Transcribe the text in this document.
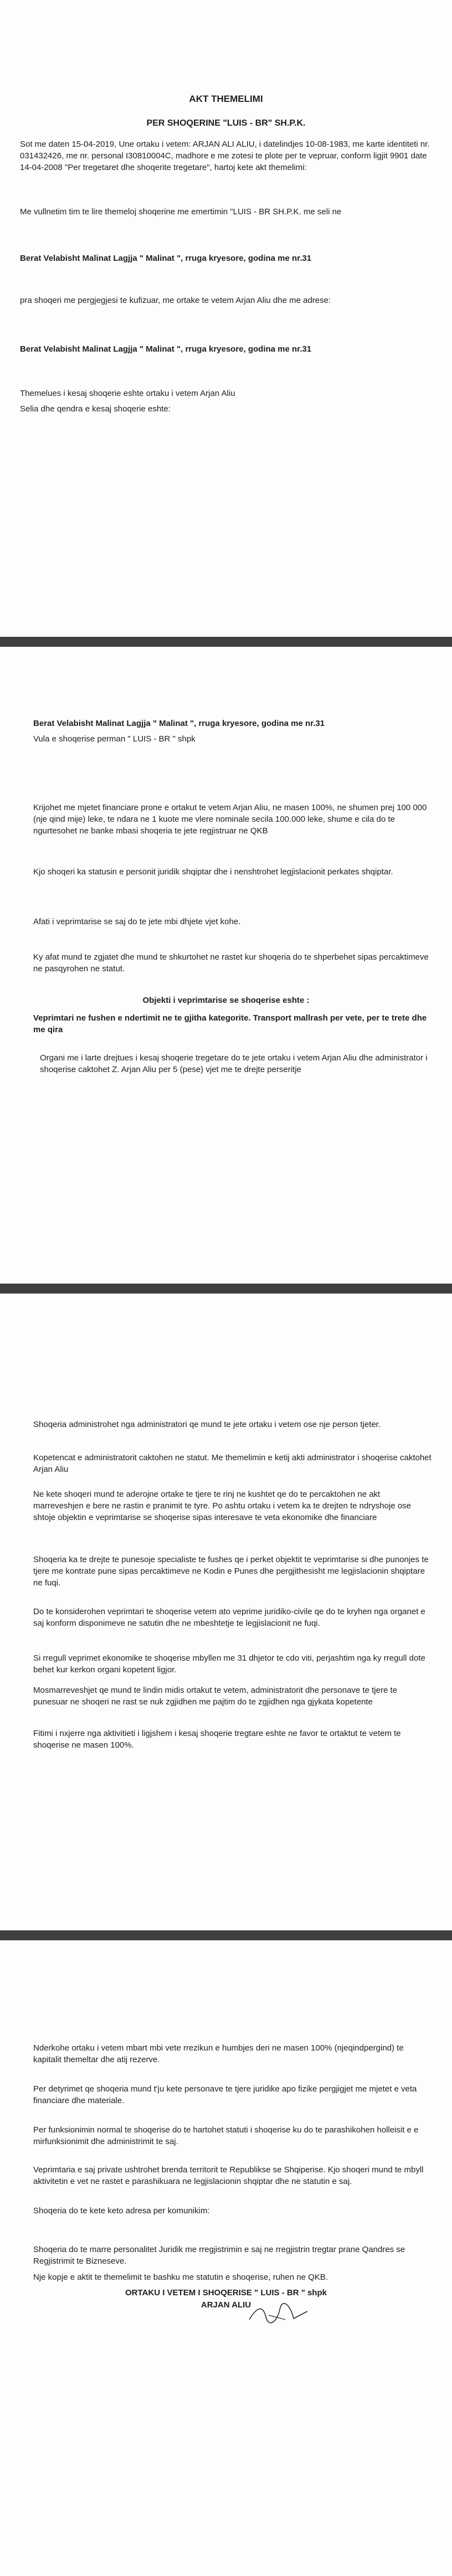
AKT THEMELIMI
PER SHOQERINE "LUIS - BR" SH.P.K.
Sot me daten 15-04-2019, Une ortaku i vetem: ARJAN ALI ALIU, i datelindjes 10-08-1983, me karte identiteti nr. 031432426, me nr. personal I30810004C, madhore e me zotesi te plote per te vepruar, conform ligjit 9901 date 14-04-2008 "Per tregetaret dhe shoqerite tregetare", hartoj kete akt themelimi:
Me vullnetim tim te lire themeloj shoqerine me emertimin "LUIS - BR SH.P.K. me seli ne
Berat Velabisht Malinat Lagjja " Malinat ", rruga kryesore, godina me nr.31
pra shoqeri me pergjegjesi te kufizuar, me ortake te vetem Arjan Aliu dhe me adrese:
Berat Velabisht Malinat Lagjja " Malinat ", rruga kryesore, godina me nr.31
Themelues i kesaj shoqerie eshte ortaku i vetem Arjan Aliu
Selia dhe qendra e kesaj shoqerie eshte:
Berat Velabisht Malinat Lagjja " Malinat ", rruga kryesore, godina me nr.31
Vula e shoqerise perman " LUIS - BR " shpk
Krijohet me mjetet financiare prone e ortakut te vetem Arjan Aliu, ne masen 100%, ne shumen prej 100 000 (nje qind mije) leke, te ndara ne 1 kuote me vlere nominale secila 100.000 leke, shume e cila do te ngurtesohet ne banke mbasi shoqeria te jete regjistruar ne QKB
Kjo shoqeri ka statusin e personit juridik shqiptar dhe i nenshtrohet legjislacionit perkates shqiptar.
Afati i veprimtarise se saj do te jete mbi dhjete vjet kohe.
Ky afat mund te zgjatet dhe mund te shkurtohet ne rastet kur shoqeria do te shperbehet sipas percaktimeve ne pasqyrohen ne statut.
Objekti i veprimtarise se shoqerise eshte :
Veprimtari ne fushen e ndertimit ne te gjitha kategorite. Transport mallrash per vete, per te trete dhe me qira
Organi me i larte drejtues i kesaj shoqerie tregetare do te jete ortaku i vetem Arjan Aliu dhe administrator i shoqerise caktohet Z. Arjan Aliu per 5 (pese) vjet me te drejte perseritje
Shoqeria administrohet nga administratori qe mund te jete ortaku i vetem ose nje person tjeter.
Kopetencat e administratorit caktohen ne statut. Me themelimin e ketij akti administrator i shoqerise caktohet Arjan Aliu
Ne kete shoqeri mund te aderojne ortake te tjere te rinj ne kushtet qe do te percaktohen ne akt marreveshjen e bere ne rastin e pranimit te tyre. Po ashtu ortaku i vetem ka te drejten te ndryshoje ose shtoje objektin e veprimtarise se shoqerise sipas interesave te veta ekonomike dhe financiare
Shoqeria ka te drejte te punesoje specialiste te fushes qe i perket objektit te veprimtarise si dhe punonjes te tjere me kontrate pune sipas percaktimeve ne Kodin e Punes dhe pergjithesisht me legjislacionin shqiptare ne fuqi.
Do te konsiderohen veprimtari te shoqerise vetem ato veprime juridiko-civile qe do te kryhen nga organet e saj konform disponimeve ne satutin dhe ne mbeshtetje te legjislacionit ne fuqi.
Si rregull veprimet ekonomike te shoqerise mbyllen me 31 dhjetor te cdo viti, perjashtim nga ky rregull dote behet kur kerkon organi kopetent ligjor.
Mosmarreveshjet qe mund te lindin midis ortakut te vetem, administratorit dhe personave te tjere te punesuar ne shoqeri ne rast se nuk zgjidhen me pajtim do te zgjidhen nga gjykata kopetente
Fitimi i nxjerre nga aktivitieti i ligjshem i kesaj shoqerie tregtare eshte ne favor te ortaktut te vetem te shoqerise ne masen 100%.
Nderkohe ortaku i vetem mbart mbi vete rrezikun e humbjes deri ne masen 100% (njeqindpergind) te kapitalit themeltar dhe atij rezerve.
Per detyrimet qe shoqeria mund t'ju kete personave te tjere juridike apo fizike pergjigjet me mjetet e veta financiare dhe materiale.
Per funksionimin normal te shoqerise do te hartohet statuti i shoqerise ku do te parashikohen holleisit e e mirfunksionimit dhe administrimit te saj.
Veprimtaria e saj private ushtrohet brenda territorit te Republikse se Shqiperise. Kjo shoqeri mund te mbyll aktivitetin e vet ne rastet e parashikuara ne legjislacionin shqiptar dhe ne statutin e saj.
Shoqeria do te kete keto adresa per komunikim:
Shoqeria do te marre personalitet Juridik me rregjistrimin e saj ne rregjistrin tregtar prane Qandres se Regjistrimit te Bizneseve.
Nje kopje e aktit te themelimit te bashku me statutin e shoqerise, ruhen ne QKB.
ORTAKU I VETEM I SHOQERISE " LUIS - BR " shpk
ARJAN ALIU
